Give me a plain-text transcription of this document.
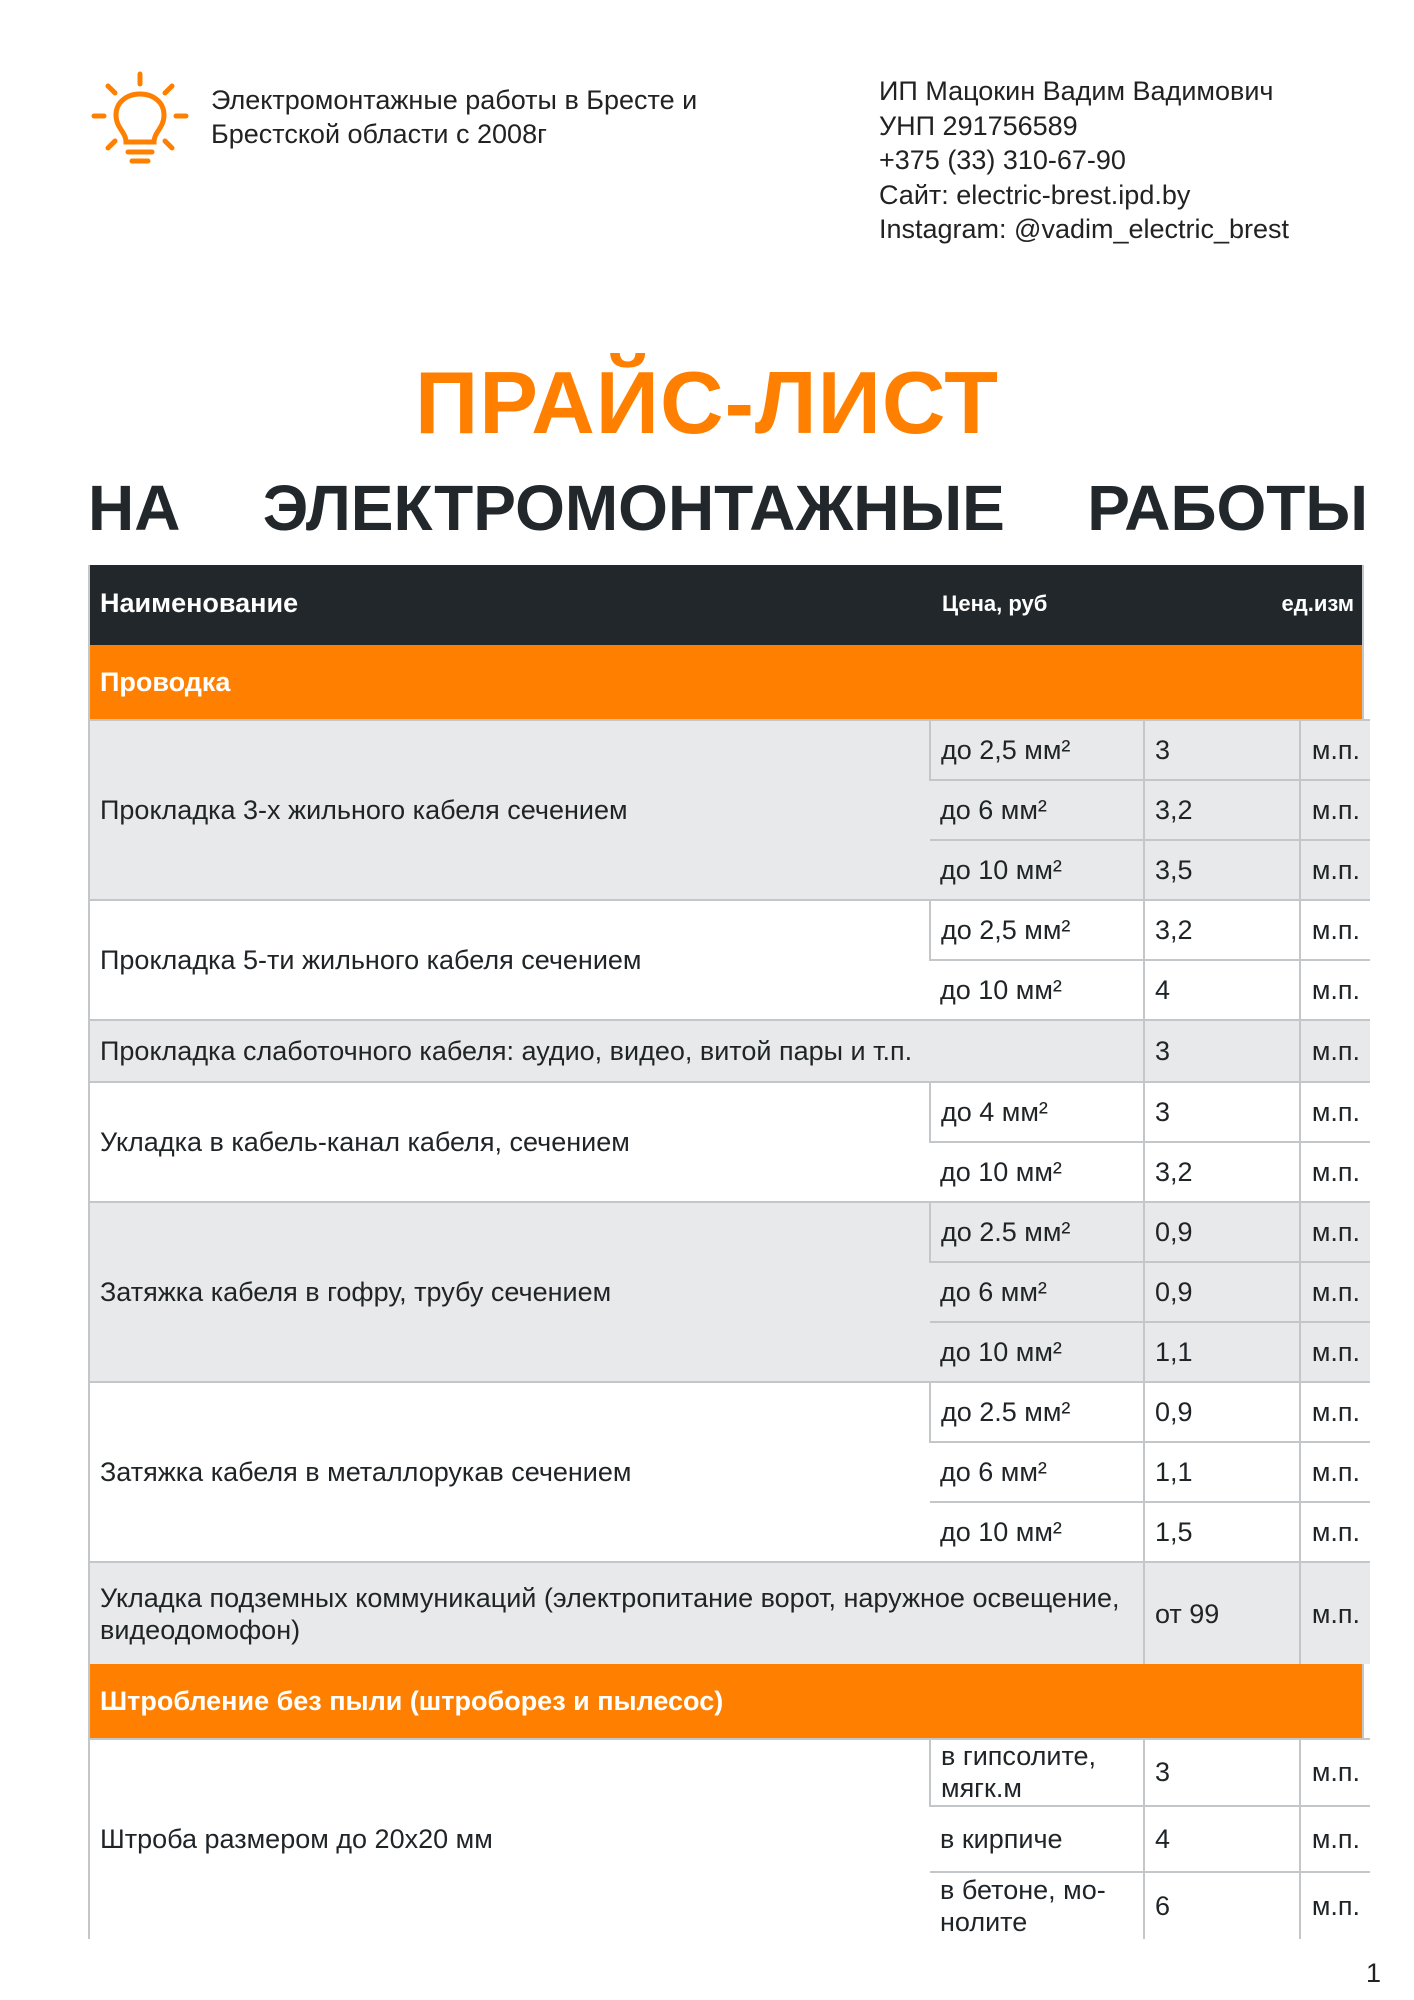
Электромонтажные работы в Бресте и
Брестской области с 2008г
ИП Мацокин Вадим Вадимович
УНП 291756589
+375 (33) 310-67-90
Сайт: electric-brest.ipd.by
Instagram: @vadim_electric_brest
ПРАЙС-ЛИСТ
НА ЭЛЕКТРОМОНТАЖНЫЕ РАБОТЫ
Наименование	Цена, руб	ед.изм
Проводка
Прокладка 3-х жильного кабеля сечением	до 2,5 мм²	3	м.п.
	до 6 мм²	3,2	м.п.
	до 10 мм²	3,5	м.п.
Прокладка 5-ти жильного кабеля сечением	до 2,5 мм²	3,2	м.п.
	до 10 мм²	4	м.п.
Прокладка слаботочного кабеля: аудио, видео, витой пары и т.п.		3	м.п.
Укладка в кабель-канал кабеля, сечением	до 4 мм²	3	м.п.
	до 10 мм²	3,2	м.п.
Затяжка кабеля в гофру, трубу сечением	до 2.5 мм²	0,9	м.п.
	до 6 мм²	0,9	м.п.
	до 10 мм²	1,1	м.п.
Затяжка кабеля в металлорукав сечением	до 2.5 мм²	0,9	м.п.
	до 6 мм²	1,1	м.п.
	до 10 мм²	1,5	м.п.
Укладка подземных коммуникаций (электропитание ворот, наружное освещение, видеодомофон)		от 99	м.п.
Штробление без пыли (штроборез и пылесос)
Штроба размером до 20х20 мм	в гипсолите, мягк.м	3	м.п.
	в кирпиче	4	м.п.
	в бетоне, мо-нолите	6	м.п.
1
